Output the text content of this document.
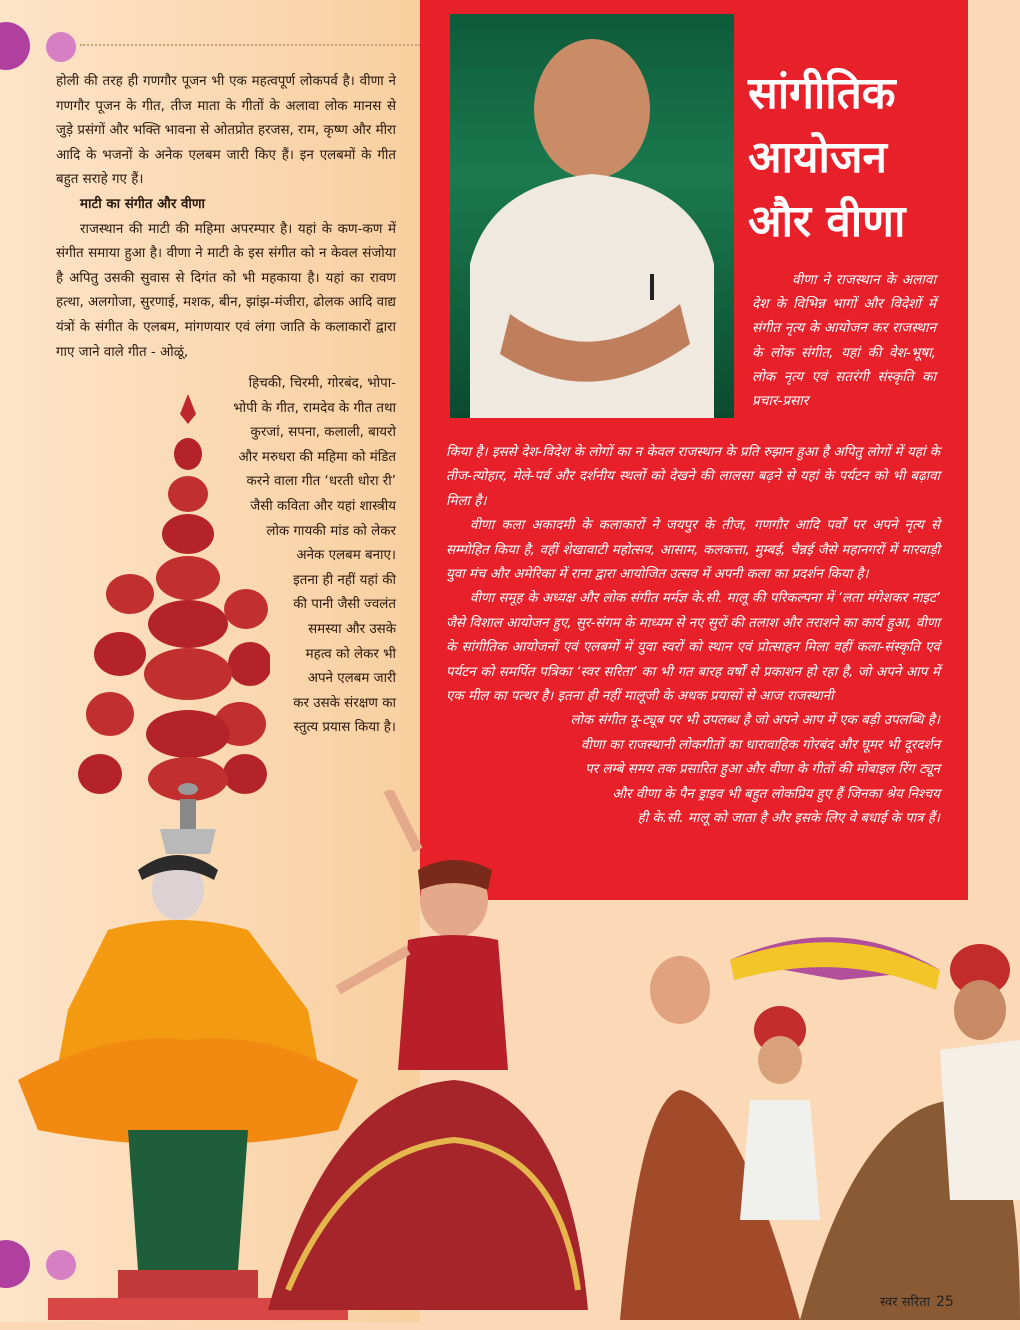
होली की तरह ही गणगौर पूजन भी एक महत्वपूर्ण लोकपर्व है। वीणा ने गणगौर पूजन के गीत, तीज माता के गीतों के अलावा लोक मानस से जुड़े प्रसंगों और भक्ति भावना से ओतप्रोत हरजस, राम, कृष्ण और मीरा आदि के भजनों के अनेक एलबम जारी किए हैं। इन एलबमों के गीत बहुत सराहे गए हैं।

माटी का संगीत और वीणा

राजस्थान की माटी की महिमा अपरम्पार है। यहां के कण-कण में संगीत समाया हुआ है। वीणा ने माटी के इस संगीत को न केवल संजोया है अपितु उसकी सुवास से दिगंत को भी महकाया है। यहां का रावण हत्था, अलगोजा, सुरणाई, मशक, बीन, झांझ-मंजीरा, ढोलक आदि वाद्य यंत्रों के संगीत के एलबम, मांगणयार एवं लंगा जाति के कलाकारों द्वारा गाए जाने वाले गीत - ओळूं,

हिचकी, चिरमी, गोरबंद, भोपा-
भोपी के गीत, रामदेव के गीत तथा
कुरजां, सपना, कलाली, बायरो
और मरुधरा की महिमा को मंडित
करने वाला गीत ‘धरती धोरा री’
जैसी कविता और यहां शास्त्रीय
लोक गायकी मांड को लेकर
अनेक एलबम बनाए।
इतना ही नहीं यहां की
की पानी जैसी ज्वलंत
समस्या और उसके
महत्व को लेकर भी
अपने एलबम जारी
कर उसके संरक्षण का
स्तुत्य प्रयास किया है।
सांगीतिक
आयोजन
और वीणा
वीणा ने राजस्थान के अलावा देश के विभिन्न भागों और विदेशों में संगीत नृत्य के आयोजन कर राजस्थान के लोक संगीत, यहां की वेश-भूषा, लोक नृत्य एवं सतरंगी संस्कृति का प्रचार-प्रसार

किया है। इससे देश-विदेश के लोगों का न केवल राजस्थान के प्रति रुझान हुआ है अपितु लोगों में यहां के तीज-त्योहार, मेले-पर्व और दर्शनीय स्थलों को देखने की लालसा बढ़ने से यहां के पर्यटन को भी बढ़ावा मिला है।

वीणा कला अकादमी के कलाकारों ने जयपुर के तीज, गणगौर आदि पर्वों पर अपने नृत्य से सम्मोहित किया है, वहीं शेखावाटी महोत्सव, आसाम, कलकत्ता, मुम्बई, चैन्नई जैसे महानगरों में मारवाड़ी युवा मंच और अमेरिका में राना द्वारा आयोजित उत्सव में अपनी कला का प्रदर्शन किया है।

वीणा समूह के अध्यक्ष और लोक संगीत मर्मज्ञ के.सी. मालू की परिकल्पना में ‘लता मंगेशकर नाइट’ जैसे विशाल आयोजन हुए, सुर-संगम के माध्यम से नए सुरों की तलाश और तराशने का कार्य हुआ, वीणा के सांगीतिक आयोजनों एवं एलबमों में युवा स्वरों को स्थान एवं प्रोत्साहन मिला वहीं कला-संस्कृति एवं पर्यटन को समर्पित पत्रिका ‘स्वर सरिता’ का भी गत बारह वर्षों से प्रकाशन हो रहा है, जो अपने आप में एक मील का पत्थर है। इतना ही नहीं मालूजी के अथक प्रयासों से आज राजस्थानी

लोक संगीत यू-ट्यूब पर भी उपलब्ध है जो अपने आप में एक बड़ी उपलब्धि है।

वीणा का राजस्थानी लोकगीतों का धारावाहिक गोरबंद और घूमर भी दूरदर्शन

पर लम्बे समय तक प्रसारित हुआ और वीणा के गीतों की मोबाइल रिंग ट्यून

और वीणा के पैन ड्राइव भी बहुत लोकप्रिय हुए हैं जिनका श्रेय निश्चय

ही के.सी. मालू को जाता है और इसके लिए वे बधाई के पात्र हैं।

स्वर सरिता 25
